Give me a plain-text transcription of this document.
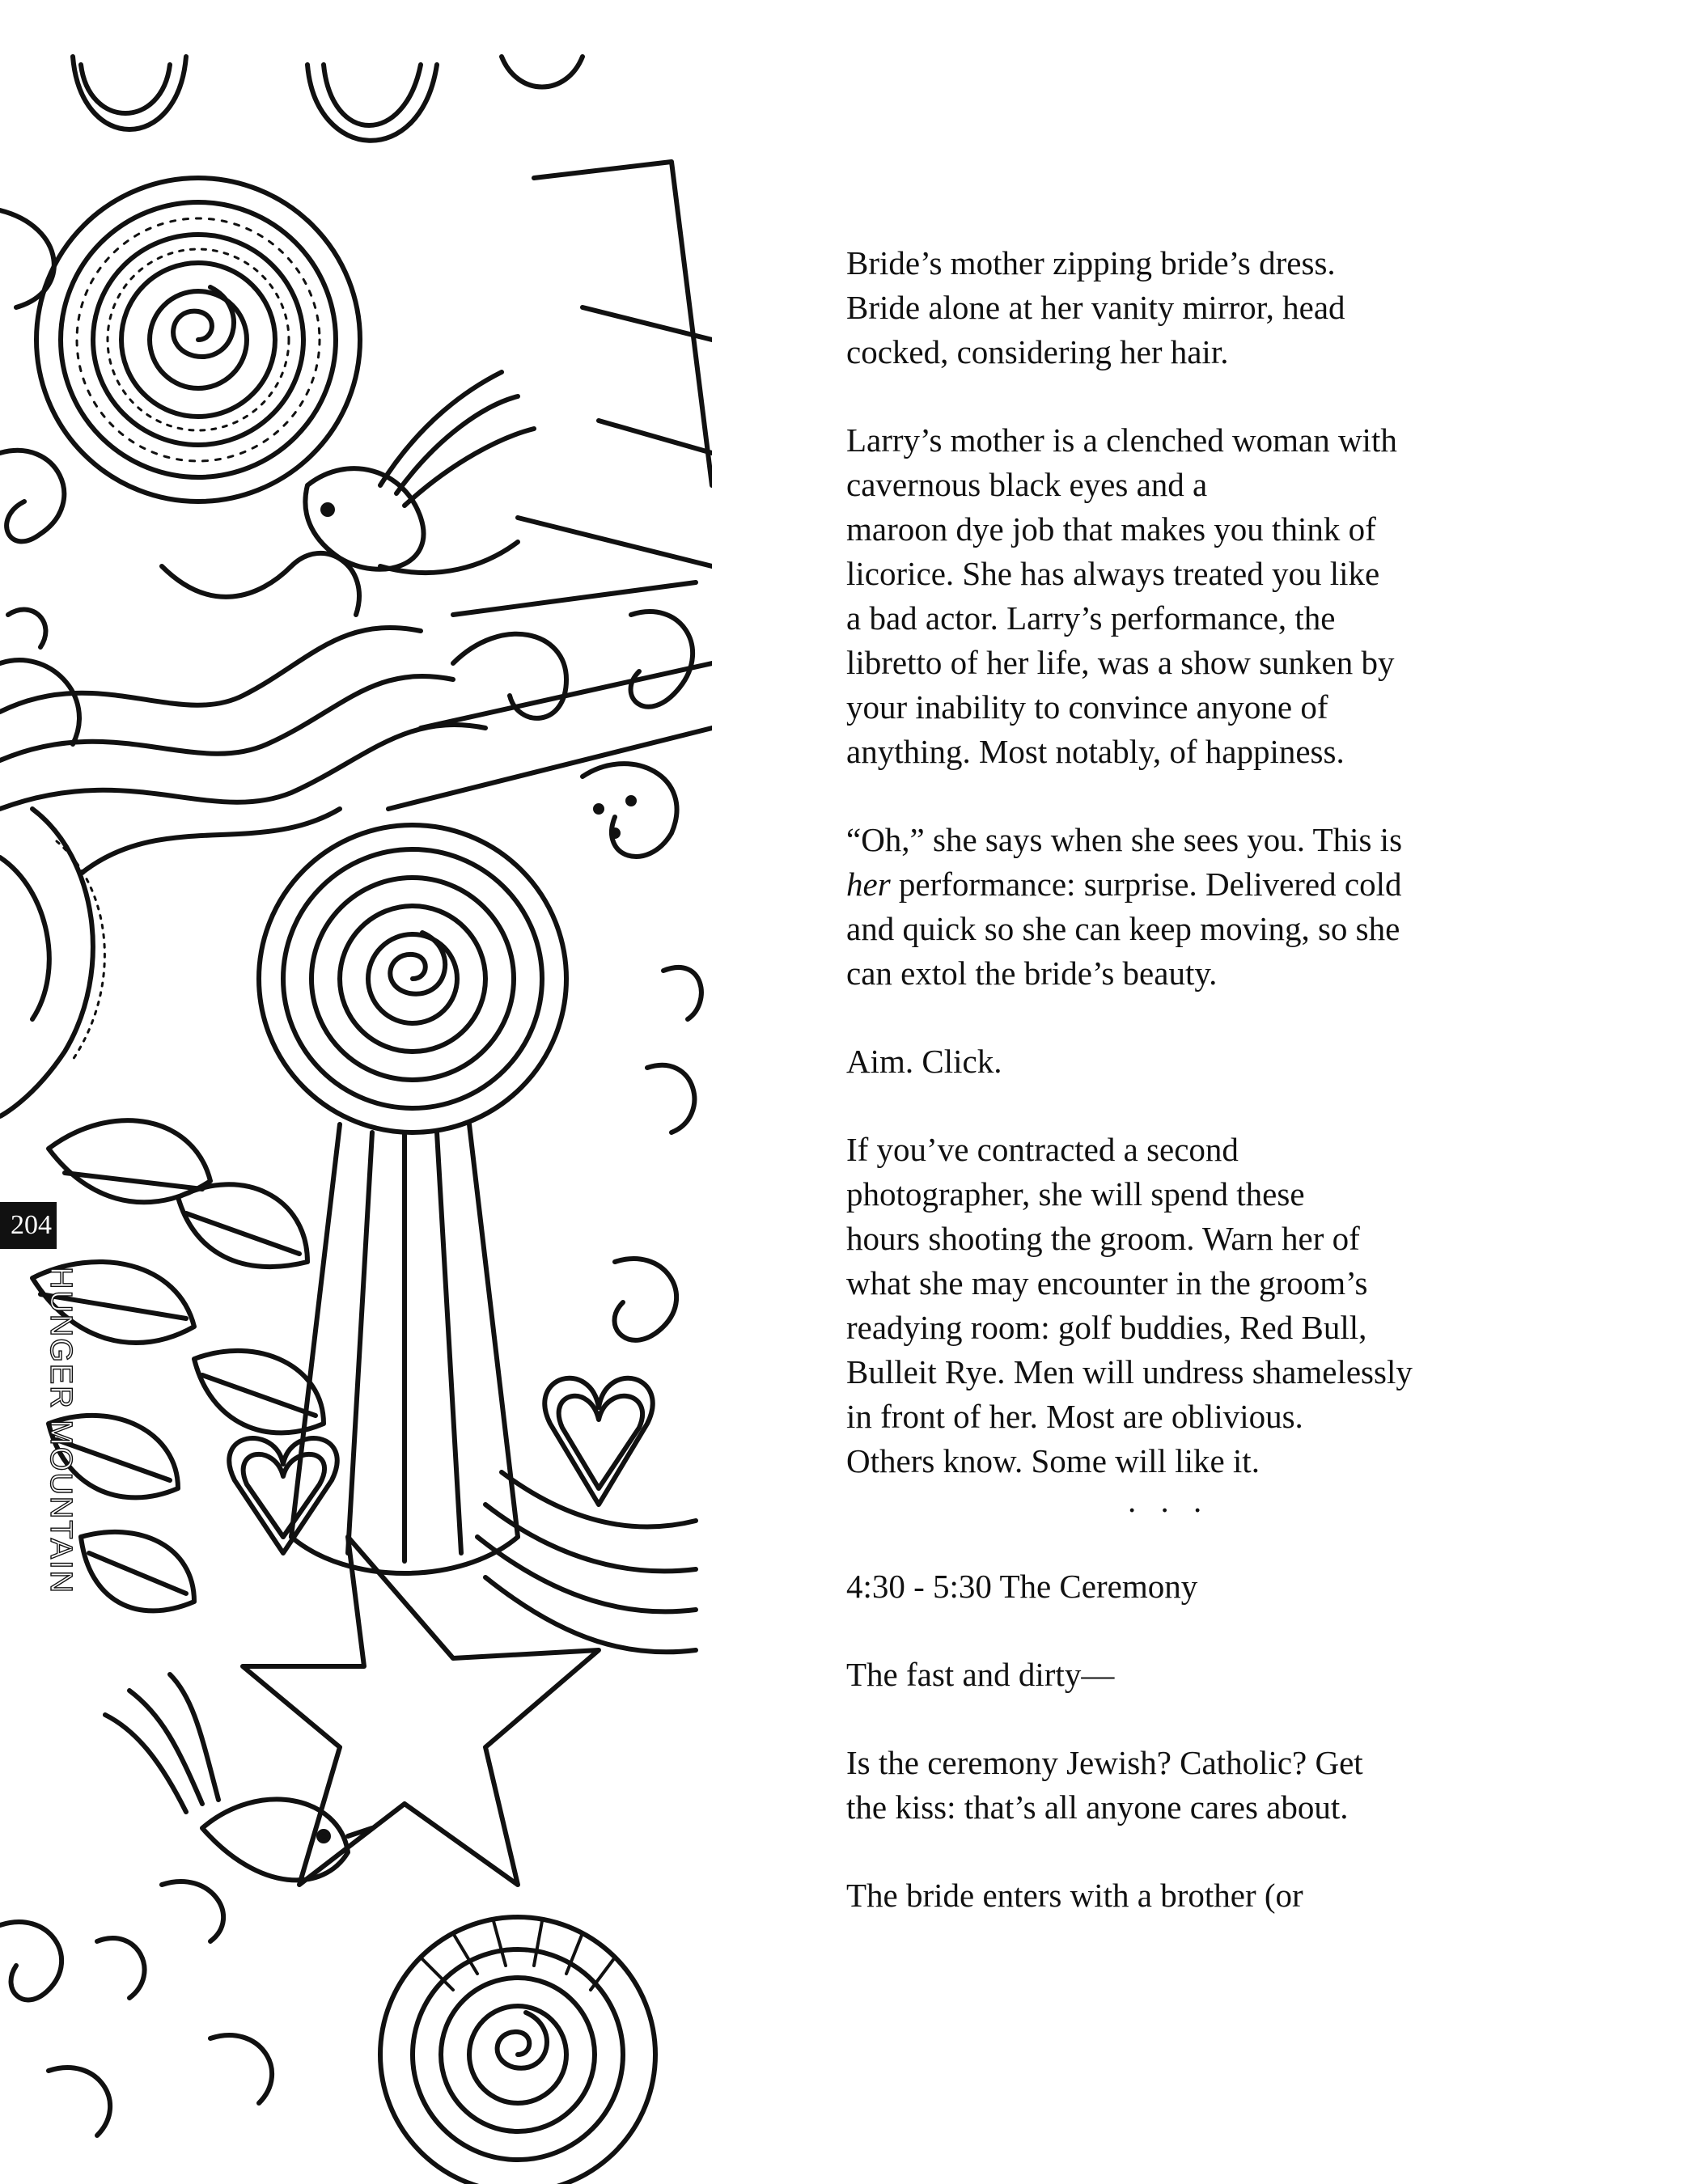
204
HUNGER MOUNTAIN

Bride’s mother zipping bride’s dress.
Bride alone at her vanity mirror, head
cocked, considering her hair.

Larry’s mother is a clenched woman with
cavernous black eyes and a
maroon dye job that makes you think of
licorice. She has always treated you like
a bad actor. Larry’s performance, the
libretto of her life, was a show sunken by
your inability to convince anyone of
anything. Most notably, of happiness.

“Oh,” she says when she sees you. This is
her performance: surprise. Delivered cold
and quick so she can keep moving, so she
can extol the bride’s beauty.

Aim. Click.

If you’ve contracted a second
photographer, she will spend these
hours shooting the groom. Warn her of
what she may encounter in the groom’s
readying room: golf buddies, Red Bull,
Bulleit Rye. Men will undress shamelessly
in front of her. Most are oblivious.
Others know. Some will like it.

. . .

4:30 - 5:30 The Ceremony

The fast and dirty—

Is the ceremony Jewish? Catholic? Get
the kiss: that’s all anyone cares about.

The bride enters with a brother (or
